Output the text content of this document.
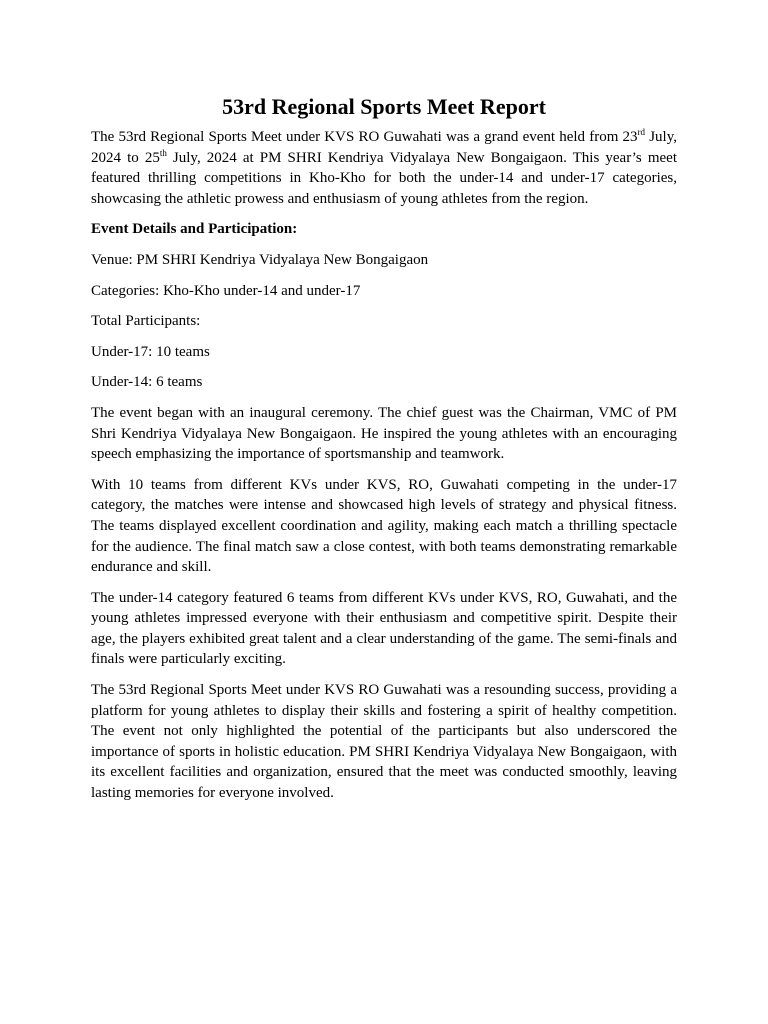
53rd Regional Sports Meet Report

The 53rd Regional Sports Meet under KVS RO Guwahati was a grand event held from 23rd July, 2024 to 25th July, 2024 at PM SHRI Kendriya Vidyalaya New Bongaigaon. This year’s meet featured thrilling competitions in Kho-Kho for both the under-14 and under-17 categories, showcasing the athletic prowess and enthusiasm of young athletes from the region.

Event Details and Participation:

Venue: PM SHRI Kendriya Vidyalaya New Bongaigaon

Categories: Kho-Kho under-14 and under-17

Total Participants:

Under-17: 10 teams

Under-14: 6 teams

The event began with an inaugural ceremony. The chief guest was the Chairman, VMC of PM Shri Kendriya Vidyalaya New Bongaigaon. He inspired the young athletes with an encouraging speech emphasizing the importance of sportsmanship and teamwork.

With 10 teams from different KVs under KVS, RO, Guwahati competing in the under-17 category, the matches were intense and showcased high levels of strategy and physical fitness. The teams displayed excellent coordination and agility, making each match a thrilling spectacle for the audience. The final match saw a close contest, with both teams demonstrating remarkable endurance and skill.

The under-14 category featured 6 teams from different KVs under KVS, RO, Guwahati, and the young athletes impressed everyone with their enthusiasm and competitive spirit. Despite their age, the players exhibited great talent and a clear understanding of the game. The semi-finals and finals were particularly exciting.

The 53rd Regional Sports Meet under KVS RO Guwahati was a resounding success, providing a platform for young athletes to display their skills and fostering a spirit of healthy competition. The event not only highlighted the potential of the participants but also underscored the importance of sports in holistic education. PM SHRI Kendriya Vidyalaya New Bongaigaon, with its excellent facilities and organization, ensured that the meet was conducted smoothly, leaving lasting memories for everyone involved.
